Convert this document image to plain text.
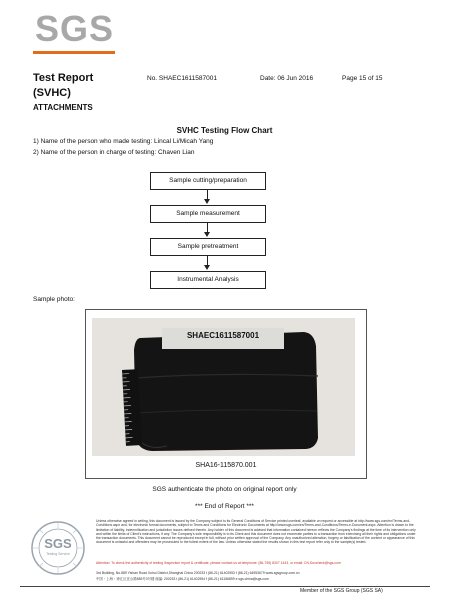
SGS
Test Report
(SVHC)
ATTACHMENTS
No. SHAEC1611587001	Date: 06 Jun 2016	Page 15 of 15
SVHC Testing Flow Chart
1) Name of the person who made testing: Lincal Li/Micah Yang
2) Name of the person in charge of testing: Chaven Lian
Sample cutting/preparation
Sample measurement
Sample pretreatment
Instrumental Analysis
Sample photo:
SHAEC1611587001
SHA16-115870.001
SGS authenticate the photo on original report only
*** End of Report ***
SGS
Testing Service
Unless otherwise agreed in writing, this document is issued by the Company subject to its General Conditions of Service printed overleaf, available on request or accessible at http://www.sgs.com/en/Terms-and-Conditions.aspx and, for electronic format documents, subject to Terms and Conditions for Electronic Documents at http://www.sgs.com/en/Terms-and-Conditions/Terms-e-Document.aspx. Attention is drawn to the limitation of liability, indemnification and jurisdiction issues defined therein. Any holder of this document is advised that information contained hereon reflects the Company's findings at the time of its intervention only and within the limits of Client's instructions, if any. The Company's sole responsibility is to its Client and this document does not exonerate parties to a transaction from exercising all their rights and obligations under the transaction documents. This document cannot be reproduced except in full, without prior written approval of the Company. Any unauthorized alteration, forgery or falsification of the content or appearance of this document is unlawful and offenders may be prosecuted to the fullest extent of the law. Unless otherwise stated the results shown in this test report refer only to the sample(s) tested.
Attention: To check the authenticity of testing /inspection report & certificate, please contact us at telephone: (86-755) 8307 1443, or email: CN.Doccheck@sgs.com
3rd Building, No.889 Yishan Road Xuhui District,Shanghai China 200233 t (86-21) 61402553 f (86-21) 64953679 www.sgsgroup.com.cn
中国・上海・徐汇区宜山路889号3号楼 邮编: 200233 t (86-21) 61402594 f (86-21) 61156899 e sgs.china@sgs.com
Member of the SGS Group (SGS SA)
